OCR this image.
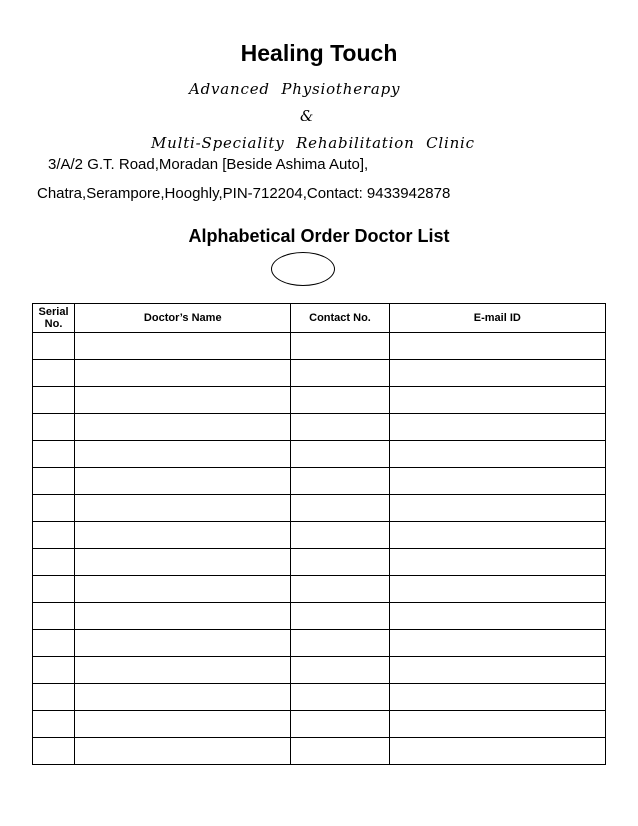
Healing Touch
Advanced Physiotherapy
&
Multi-Speciality Rehabilitation Clinic
3/A/2 G.T. Road,Moradan [Beside Ashima Auto],
Chatra,Serampore,Hooghly,PIN-712204,Contact: 9433942878
Alphabetical Order Doctor List
Serial No.	Doctor’s Name	Contact No.	E-mail ID
